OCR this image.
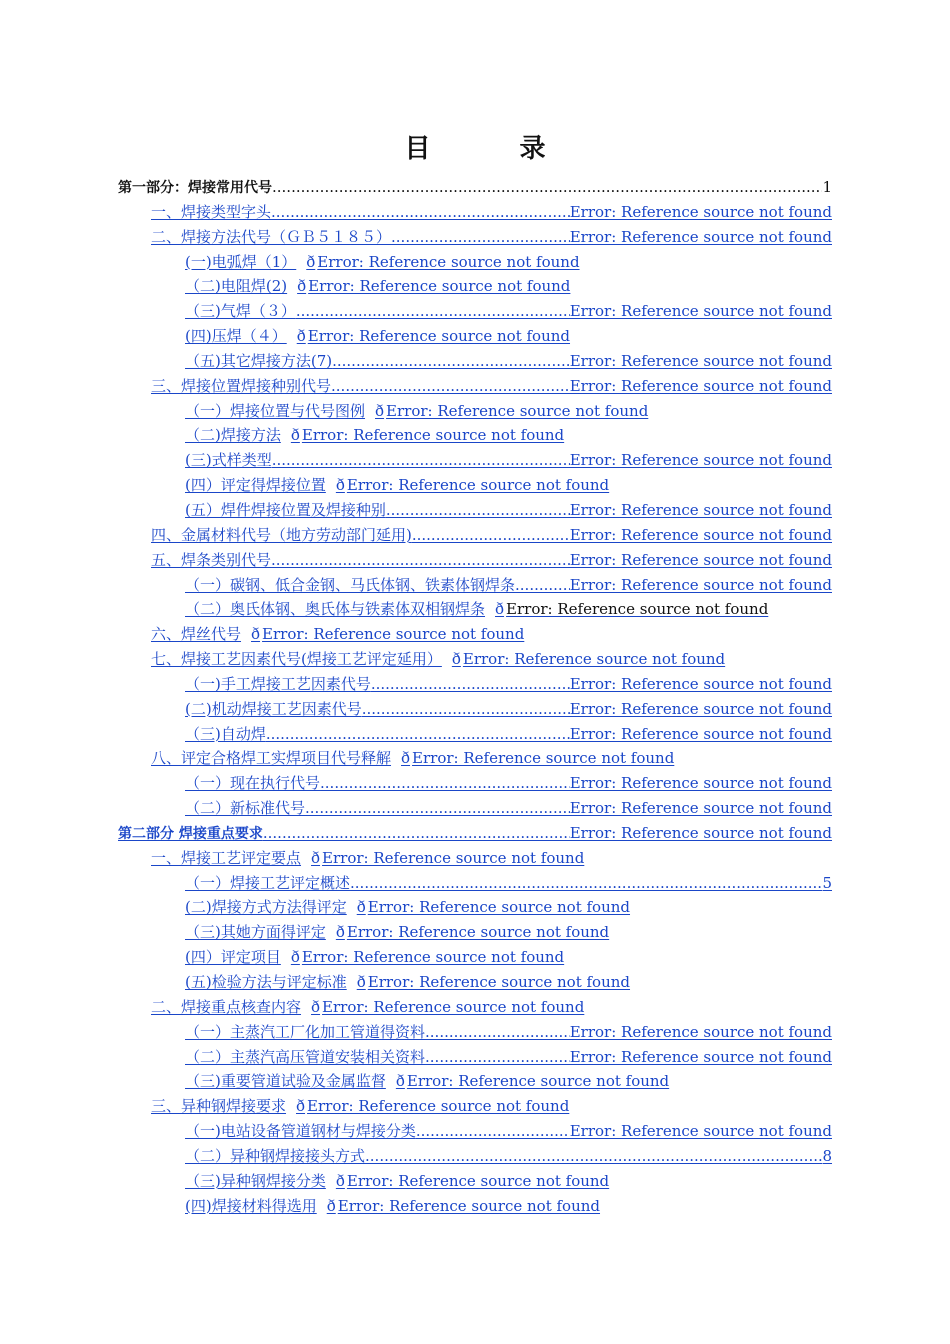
目 录
第一部分：焊接常用代号 .....	1
一、焊接类型字头 .....	Error: Reference source not found
二、焊接方法代号（ＧＢ５１８５） .....	Error: Reference source not found
(一)电弧焊（1） ð Error: Reference source not found
（二)电阻焊(2) ð Error: Reference source not found
（三)气焊（３） .....	Error: Reference source not found
(四)压焊（４） ð Error: Reference source not found
（五)其它焊接方法(7) .....	Error: Reference source not found
三、焊接位置焊接种别代号 .....	Error: Reference source not found
（一）焊接位置与代号图例 ð Error: Reference source not found
（二)焊接方法 ð Error: Reference source not found
(三)式样类型 .....	Error: Reference source not found
(四）评定得焊接位置 ð Error: Reference source not found
(五）焊件焊接位置及焊接种别 .....	Error: Reference source not found
四、金属材料代号（地方劳动部门延用) .....	Error: Reference source not found
五、焊条类别代号 .....	Error: Reference source not found
（一）碳钢、低合金钢、马氏体钢、铁素体钢焊条 .....	Error: Reference source not found
（二）奥氏体钢、奥氏体与铁素体双相钢焊条 ð Error: Reference source not found
六、焊丝代号 ð Error: Reference source not found
七、焊接工艺因素代号(焊接工艺评定延用） ð Error: Reference source not found
（一)手工焊接工艺因素代号 .....	Error: Reference source not found
(二)机动焊接工艺因素代号 .....	Error: Reference source not found
（三)自动焊 .....	Error: Reference source not found
八、评定合格焊工实焊项目代号释解 ð Error: Reference source not found
（一）现在执行代号 .....	Error: Reference source not found
（二）新标准代号 .....	Error: Reference source not found
第二部分 焊接重点要求 .....	Error: Reference source not found
一、焊接工艺评定要点 ð Error: Reference source not found
（一）焊接工艺评定概述 .....	5
(二)焊接方式方法得评定 ð Error: Reference source not found
（三)其她方面得评定 ð Error: Reference source not found
(四）评定项目 ð Error: Reference source not found
(五)检验方法与评定标准 ð Error: Reference source not found
二、焊接重点核查内容 ð Error: Reference source not found
（一）主蒸汽工厂化加工管道得资料 .....	Error: Reference source not found
（二）主蒸汽高压管道安装相关资料 .....	Error: Reference source not found
（三)重要管道试验及金属监督 ð Error: Reference source not found
三、异种钢焊接要求 ð Error: Reference source not found
（一)电站设备管道钢材与焊接分类 .....	Error: Reference source not found
（二）异种钢焊接接头方式 .....	8
（三)异种钢焊接分类 ð Error: Reference source not found
(四)焊接材料得选用 ð Error: Reference source not found
